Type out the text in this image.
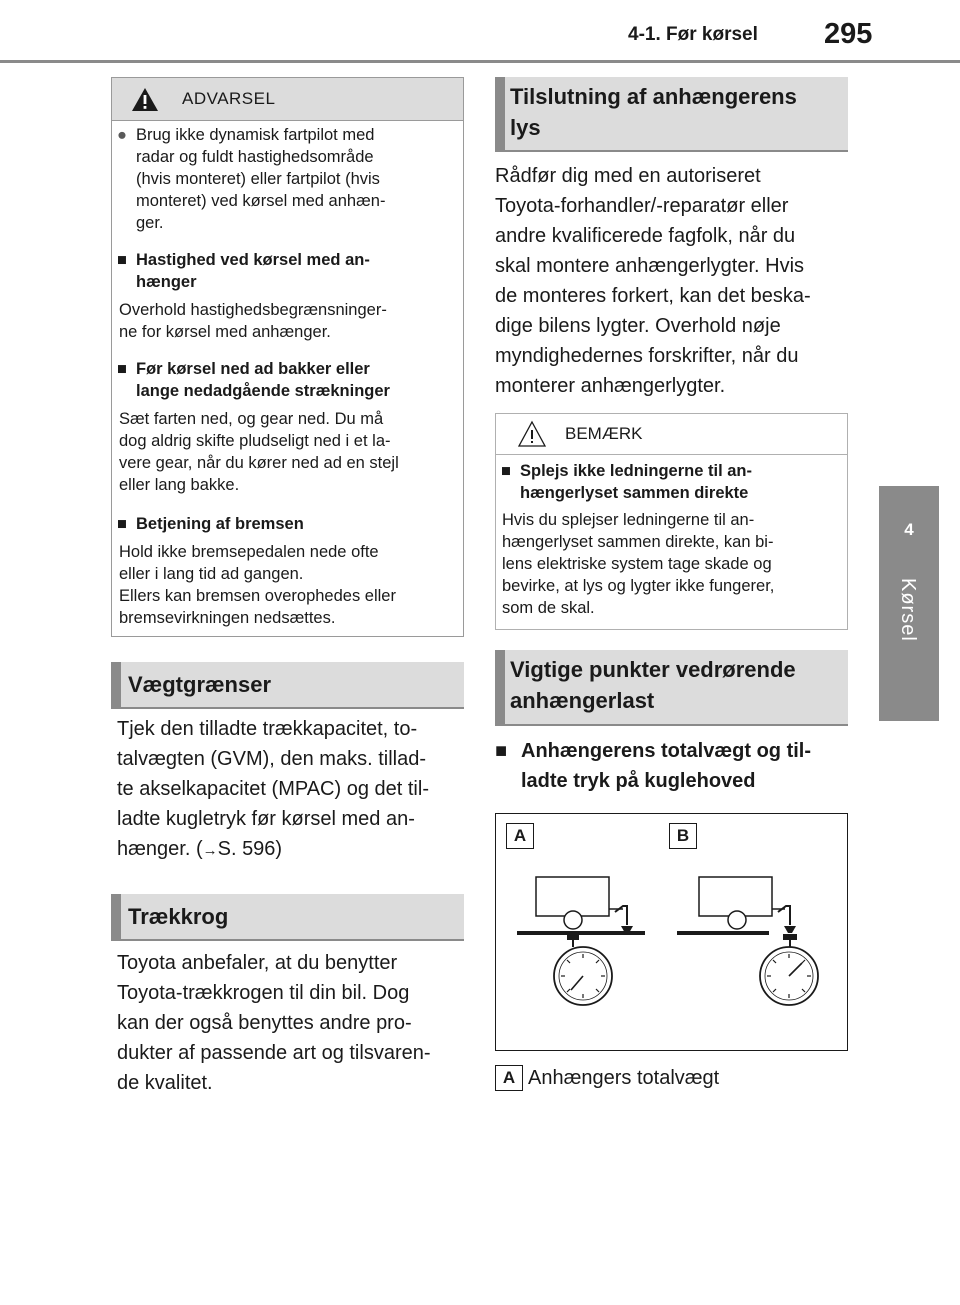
4-1. Før kørsel 295
4
Kørsel
ADVARSEL
● Brug ikke dynamisk fartpilot med
radar og fuldt hastighedsområde
(hvis monteret) eller fartpilot (hvis
monteret) ved kørsel med anhæn-
ger.
■ Hastighed ved kørsel med an-
hænger
Overhold hastighedsbegrænsninger-
ne for kørsel med anhænger.
■ Før kørsel ned ad bakker eller
lange nedadgående strækninger
Sæt farten ned, og gear ned. Du må
dog aldrig skifte pludseligt ned i et la-
vere gear, når du kører ned ad en stejl
eller lang bakke.
■ Betjening af bremsen
Hold ikke bremsepedalen nede ofte
eller i lang tid ad gangen.
Ellers kan bremsen overophedes eller
bremsevirkningen nedsættes.
Vægtgrænser
Tjek den tilladte trækkapacitet, to-
talvægten (GVM), den maks. tillad-
te akselkapacitet (MPAC) og det til-
ladte kugletryk før kørsel med an-
hænger. (→S. 596)
Trækkrog
Toyota anbefaler, at du benytter
Toyota-trækkrogen til din bil. Dog
kan der også benyttes andre pro-
dukter af passende art og tilsvaren-
de kvalitet.
Tilslutning af anhængerens
lys
Rådfør dig med en autoriseret
Toyota-forhandler/-reparatør eller
andre kvalificerede fagfolk, når du
skal montere anhængerlygter. Hvis
de monteres forkert, kan det beska-
dige bilens lygter. Overhold nøje
myndighedernes forskrifter, når du
monterer anhængerlygter.
BEMÆRK
■ Splejs ikke ledningerne til an-
hængerlyset sammen direkte
Hvis du splejser ledningerne til an-
hængerlyset sammen direkte, kan bi-
lens elektriske system tage skade og
bevirke, at lys og lygter ikke fungerer,
som de skal.
Vigtige punkter vedrørende
anhængerlast
■ Anhængerens totalvægt og til-
ladte tryk på kuglehoved
A	B
A Anhængers totalvægt
